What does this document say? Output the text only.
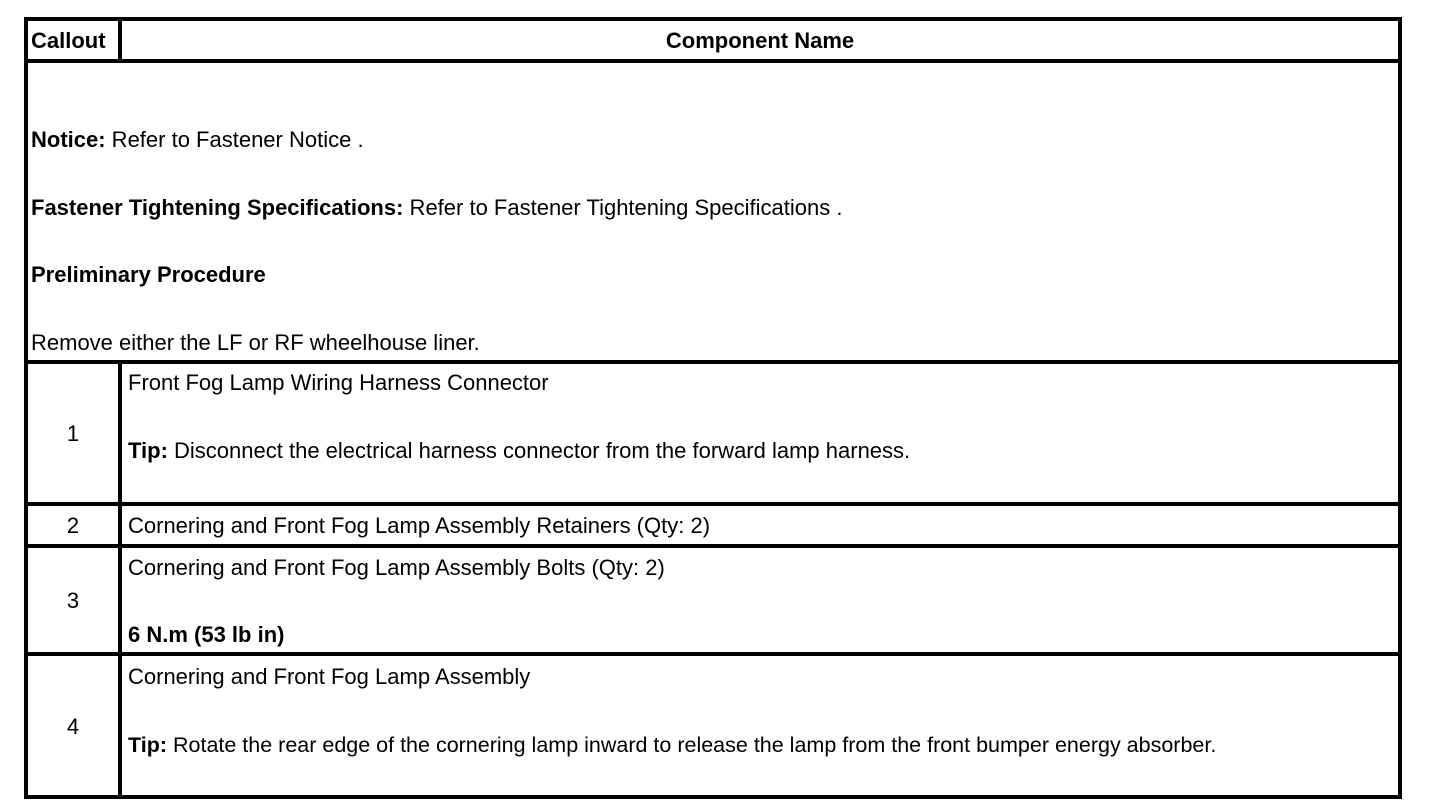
Callout	Component Name
Notice: Refer to Fastener Notice .
Fastener Tightening Specifications: Refer to Fastener Tightening Specifications .
Preliminary Procedure
Remove either the LF or RF wheelhouse liner.
1
Front Fog Lamp Wiring Harness Connector
Tip: Disconnect the electrical harness connector from the forward lamp harness.
2	Cornering and Front Fog Lamp Assembly Retainers (Qty: 2)
3
Cornering and Front Fog Lamp Assembly Bolts (Qty: 2)
6 N.m (53 lb in)
4
Cornering and Front Fog Lamp Assembly
Tip: Rotate the rear edge of the cornering lamp inward to release the lamp from the front bumper energy absorber.
